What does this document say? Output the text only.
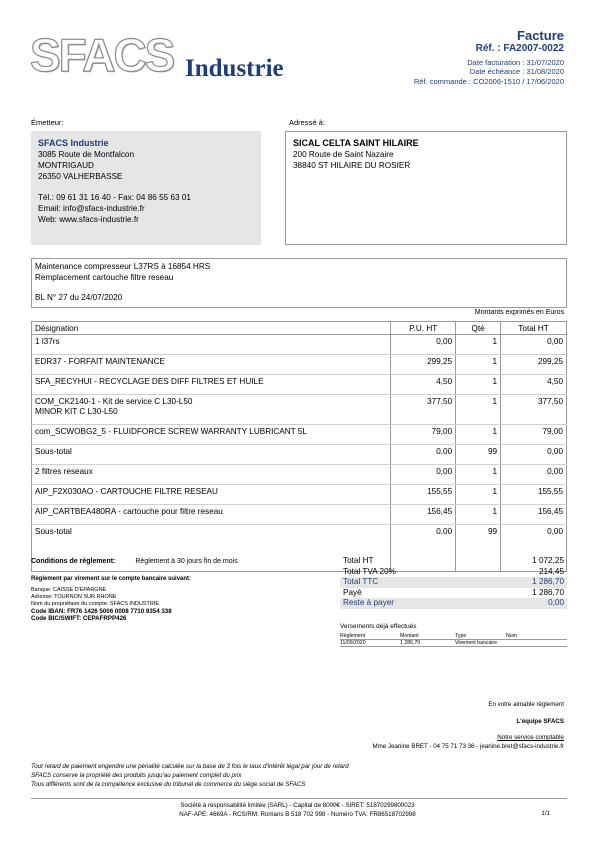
SFACS Industrie
Facture
Réf. : FA2007-0022
Date facturation : 31/07/2020
Date échéance : 31/08/2020
Réf. commande : CO2006-1510 / 17/06/2020
Émetteur:
SFACS Industrie
3085 Route de Montfalcon
MONTRIGAUD
26350 VALHERBASSE
Tél.: 09 61 31 16 40 - Fax: 04 86 55 63 01
Email: info@sfacs-industrie.fr
Web: www.sfacs-industrie.fr
Adressé à:
SICAL CELTA SAINT HILAIRE
200 Route de Saint Nazaire
38840 ST HILAIRE DU ROSIER
Maintenance compresseur L37RS à 16854 HRS
Remplacement cartouche filtre reseau
BL N° 27 du 24/07/2020
Montants exprimés en Euros
Désignation	P.U. HT	Qté	Total HT
1 l37rs	0,00	1	0,00
EDR37 - FORFAIT MAINTENANCE	299,25	1	299,25
SFA_RECYHUI - RECYCLAGE DES DIFF FILTRES ET HUILE	4,50	1	4,50

COM_CK2140-1 - Kit de service C L30-L50
MINOR KIT C L30-L50	377,50	1	377,50
com_SCWOBG2_5 - FLUIDFORCE SCREW WARRANTY LUBRICANT 5L	79,00	1	79,00
Sous-total	0,00	99	0,00
2 filtres reseaux	0,00	1	0,00
AIP_F2X030AO - CARTOUCHE FILTRE RESEAU	155,55	1	155,55
AIP_CARTBEA480RA - cartouche pour filtre reseau	156,45	1	156,45
Sous-total	0,00	99	0,00
Conditions de règlement:	Règlement à 30 jours fin de mois
Règlement par virement sur le compte bancaire suivant:
Banque: CAISSE D'EPARGNE
Adresse: TOURNON SUR RHONE
Nom du propriétaire du compte: SFACS INDUSTRIE
Code IBAN: FR76 1426 5006 0008 7710 9354 338
Code BIC/SWIFT: CEPAFRPP426
Total HT	1 072,25
Total TVA 20%	214,45
Total TTC	1 286,70
Payé	1 286,70
Reste à payer	0,00
Versements déjà effectués
Règlement	Montant	Type	Num
11/09/2020	1 286,70	Virement bancaire
En votre aimable règlement
L'équipe SFACS
Notre service comptable
Mme Jeanine BRET - 04 75 71 73 36 - jeanine.bret@sfacs-industrie.fr
Tout retard de paiement engendre une pénalité calculée sur la base de 3 fois le taux d'intérêt légal par jour de retard
SFACS conserve la propriété des produits jusqu'au paiement complet du prix
Tous différents sont de la compétence exclusive du tribunal de commerce du siège social de SFACS
Société à responsabilité limitée (SARL) - Capital de 8000€ - SIRET: 51870299800023
NAF-APE: 4669A - RCS/RM: Romans B 518 702 998 - Numéro TVA: FR86518702998	1/1
